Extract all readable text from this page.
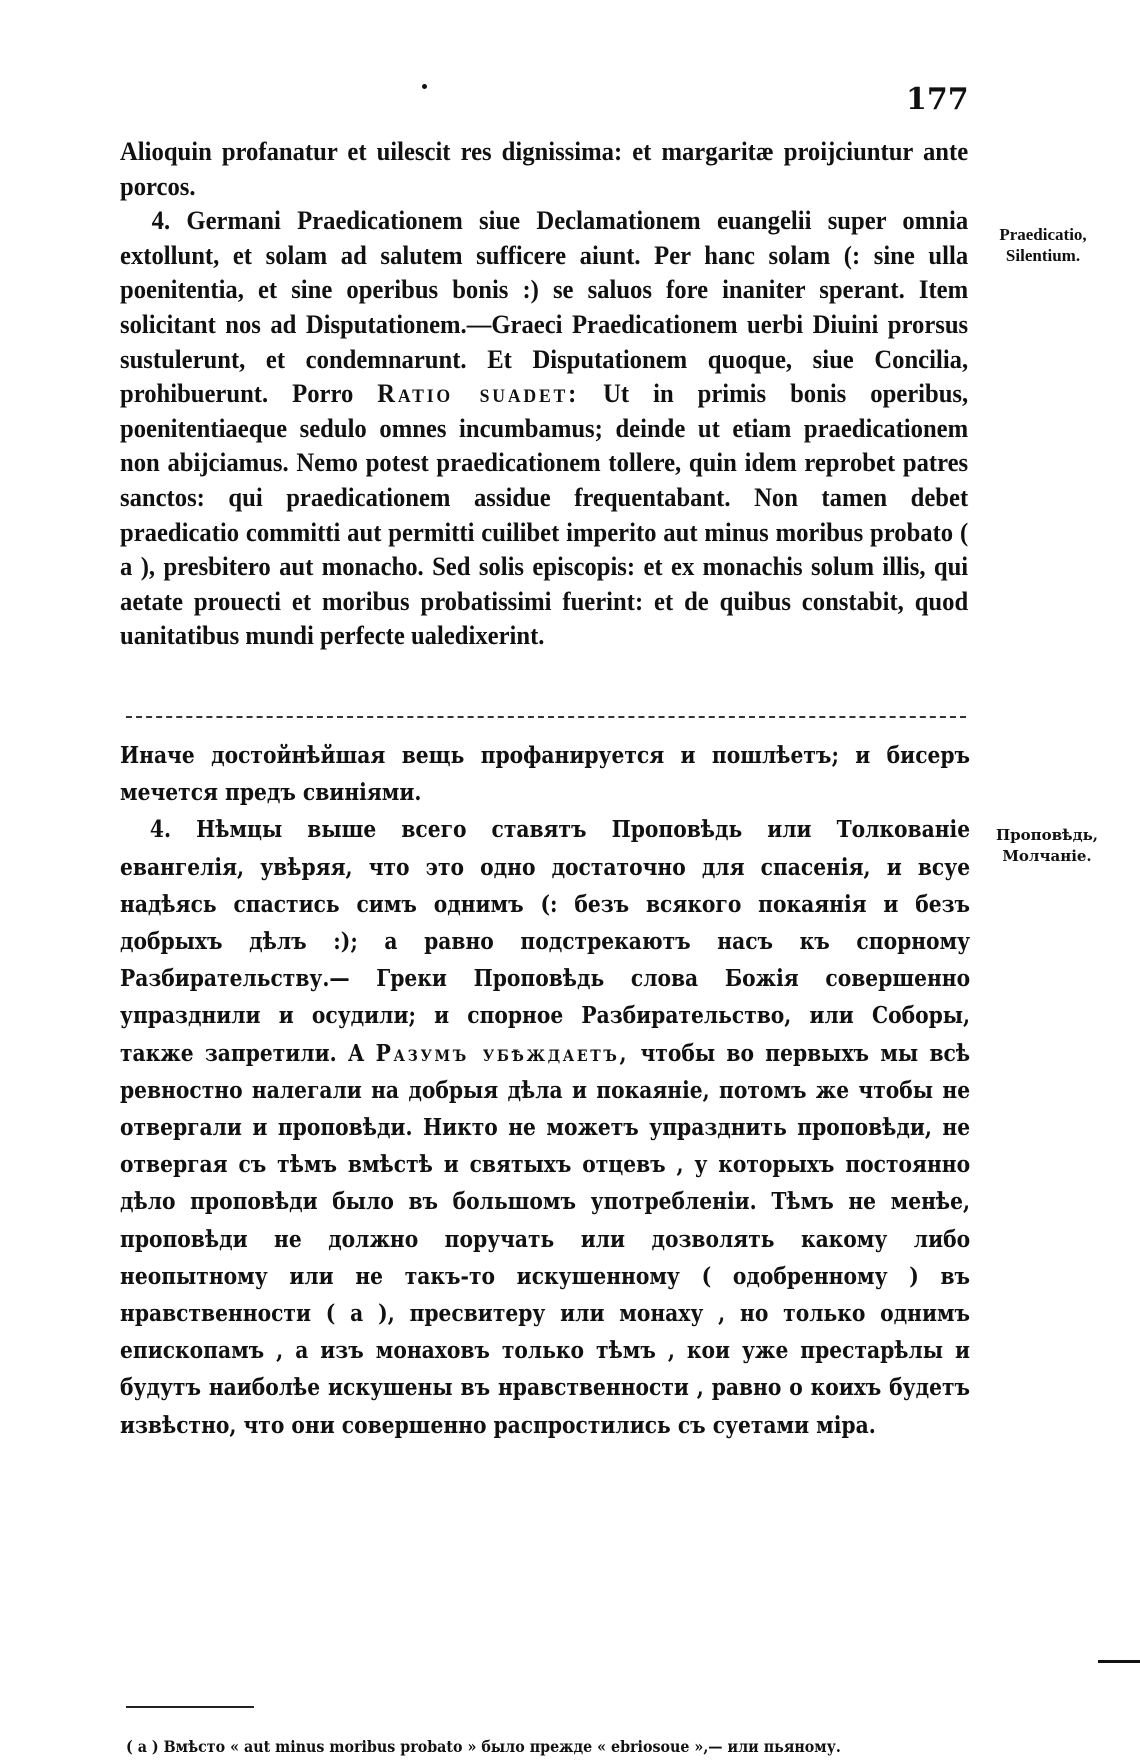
177

Alioquin profanatur et uilescit res dignissima: et margaritæ proijciuntur ante porcos.

4. Germani Praedicationem siue Declamationem euangelii super omnia extollunt, et solam ad salutem sufficere aiunt. Per hanc solam (: sine ulla poenitentia, et sine operibus bonis :) se saluos fore inaniter sperant. Item solicitant nos ad Disputationem.—Graeci Praedicationem uerbi Diuini prorsus sustulerunt, et condemnarunt. Et Disputationem quoque, siue Concilia, prohibuerunt. Porro Ratio suadet: Ut in primis bonis operibus, poenitentiaeque sedulo omnes incumbamus; deinde ut etiam praedicationem non abijciamus. Nemo potest praedicationem tollere, quin idem reprobet patres sanctos: qui praedicationem assidue frequentabant. Non tamen debet praedicatio committi aut permitti cuilibet imperito aut minus moribus probato ( a ), presbitero aut monacho. Sed solis episcopis: et ex monachis solum illis, qui aetate prouecti et moribus probatissimi fuerint: et de quibus constabit, quod uanitatibus mundi perfecte ualedixerint.

Praedicatio,
Silentium.

Иначе достойнѣйшая вещь профанируется и пошлѣетъ; и бисеръ мечется предъ свиніями.

4. Нѣмцы выше всего ставятъ Проповѣдь или Толкованіе евангелія, увѣряя, что это одно достаточно для спасенія, и всуе надѣясь спастись симъ однимъ (: безъ всякого покаянія и безъ добрыхъ дѣлъ :); а равно подстрекаютъ насъ къ спорному Разбирательству.— Греки Проповѣдь слова Божія совершенно упразднили и осудили; и спорное Разбирательство, или Соборы, также запретили. А Разумъ убѣждаетъ, чтобы во первыхъ мы всѣ ревностно налегали на добрыя дѣла и покаяніе, потомъ же чтобы не отвергали и проповѣди. Никто не можетъ упразднить проповѣди, не отвергая съ тѣмъ вмѣстѣ и святыхъ отцевъ , у которыхъ постоянно дѣло проповѣди было въ большомъ употребленіи. Тѣмъ не менѣе, проповѣди не должно поручать или дозволять какому либо неопытному или не такъ-то искушенному ( одобренному ) въ нравственности ( а ), пресвитеру или монаху , но только однимъ епископамъ , а изъ монаховъ только тѣмъ , кои уже престарѣлы и будутъ наиболѣе искушены въ нравственности , равно о коихъ будетъ извѣстно, что они совершенно распростились съ суетами міра.

Проповѣдь,
Молчаніе.
( а ) Вмѣсто « aut minus moribus probato » было прежде « ebriosoue »,— или пьяному.
